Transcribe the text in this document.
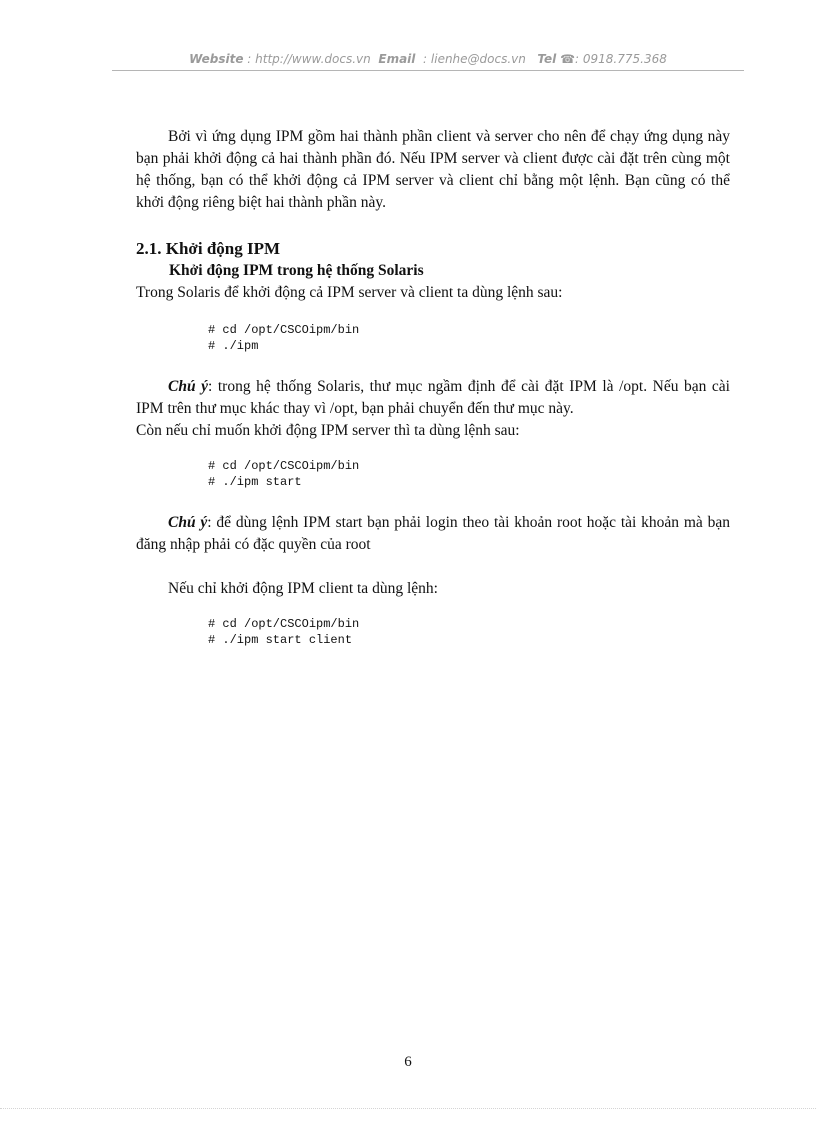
Website : http://www.docs.vn Email : lienhe@docs.vn Tel ☎: 0918.775.368

Bởi vì ứng dụng IPM gồm hai thành phần client và server cho nên để chạy ứng dụng này bạn phải khởi động cả hai thành phần đó. Nếu IPM server và client được cài đặt trên cùng một hệ thống, bạn có thể khởi động cả IPM server và client chỉ bằng một lệnh. Bạn cũng có thể khởi động riêng biệt hai thành phần này.

2.1. Khởi động IPM

Khởi động IPM trong hệ thống Solaris

Trong Solaris để khởi động cả IPM server và client ta dùng lệnh sau:

# cd /opt/CSCOipm/bin
# ./ipm

Chú ý: trong hệ thống Solaris, thư mục ngầm định để cài đặt IPM là /opt. Nếu bạn cài IPM trên thư mục khác thay vì /opt, bạn phải chuyển đến thư mục này.

Còn nếu chỉ muốn khởi động IPM server thì ta dùng lệnh sau:

# cd /opt/CSCOipm/bin
# ./ipm start

Chú ý: để dùng lệnh IPM start bạn phải login theo tài khoản root hoặc tài khoản mà bạn đăng nhập phải có đặc quyền của root

Nếu chỉ khởi động IPM client ta dùng lệnh:

# cd /opt/CSCOipm/bin
# ./ipm start client
6
